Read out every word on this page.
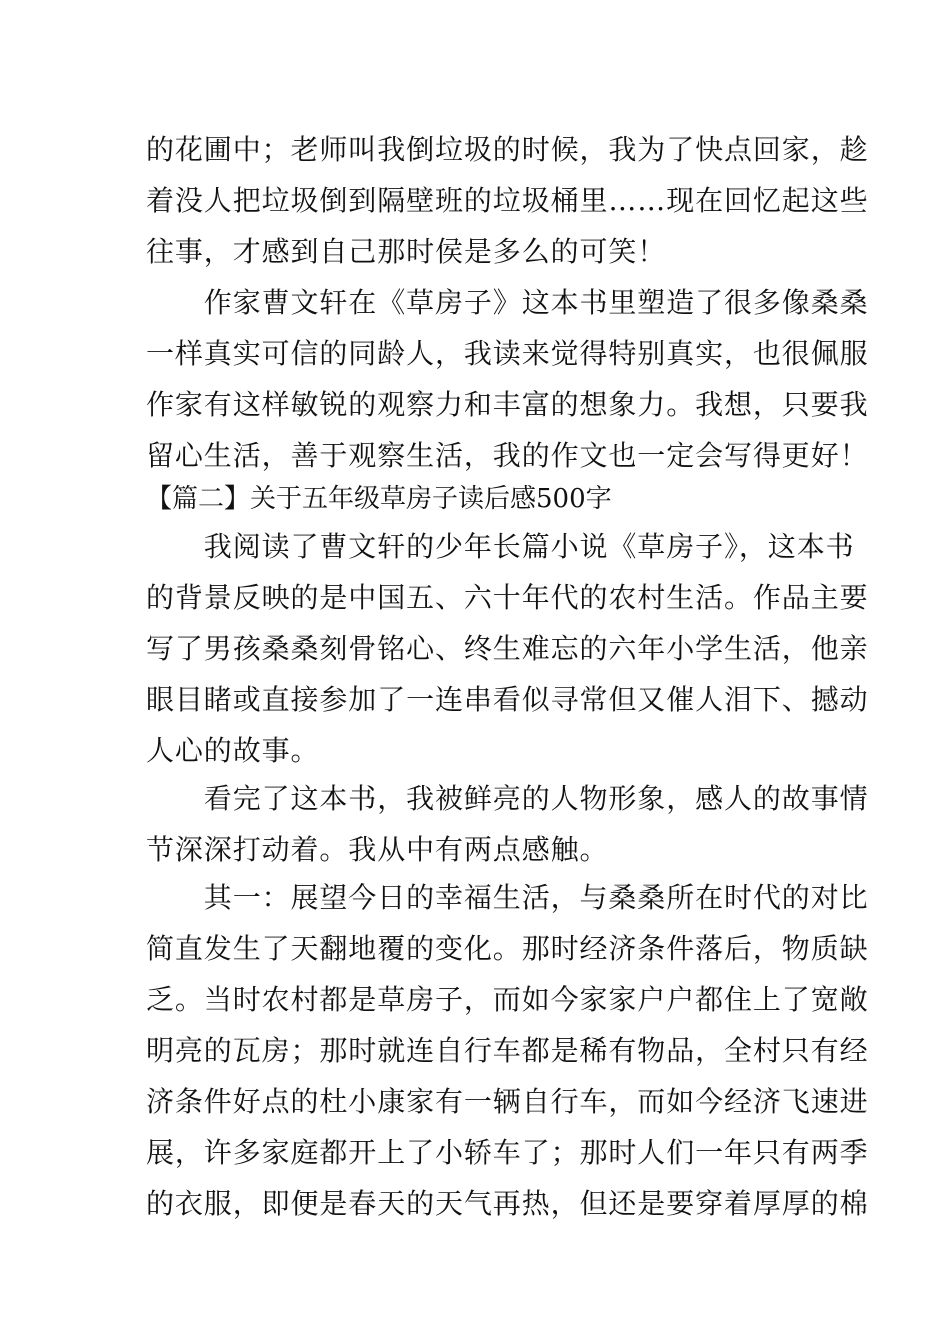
的花圃中；老师叫我倒垃圾的时候，我为了快点回家，趁
着没人把垃圾倒到隔壁班的垃圾桶里……现在回忆起这些
往事，才感到自己那时侯是多么的可笑！
　　作家曹文轩在《草房子》这本书里塑造了很多像桑桑
一样真实可信的同龄人，我读来觉得特别真实，也很佩服
作家有这样敏锐的观察力和丰富的想象力。我想，只要我
留心生活，善于观察生活，我的作文也一定会写得更好！
【篇二】关于五年级草房子读后感500字
　　我阅读了曹文轩的少年长篇小说《草房子》，这本书
的背景反映的是中国五、六十年代的农村生活。作品主要
写了男孩桑桑刻骨铭心、终生难忘的六年小学生活，他亲
眼目睹或直接参加了一连串看似寻常但又催人泪下、撼动
人心的故事。
　　看完了这本书，我被鲜亮的人物形象，感人的故事情
节深深打动着。我从中有两点感触。
　　其一：展望今日的幸福生活，与桑桑所在时代的对比
简直发生了天翻地覆的变化。那时经济条件落后，物质缺
乏。当时农村都是草房子，而如今家家户户都住上了宽敞
明亮的瓦房；那时就连自行车都是稀有物品，全村只有经
济条件好点的杜小康家有一辆自行车，而如今经济飞速进
展，许多家庭都开上了小轿车了；那时人们一年只有两季
的衣服，即便是春天的天气再热，但还是要穿着厚厚的棉
